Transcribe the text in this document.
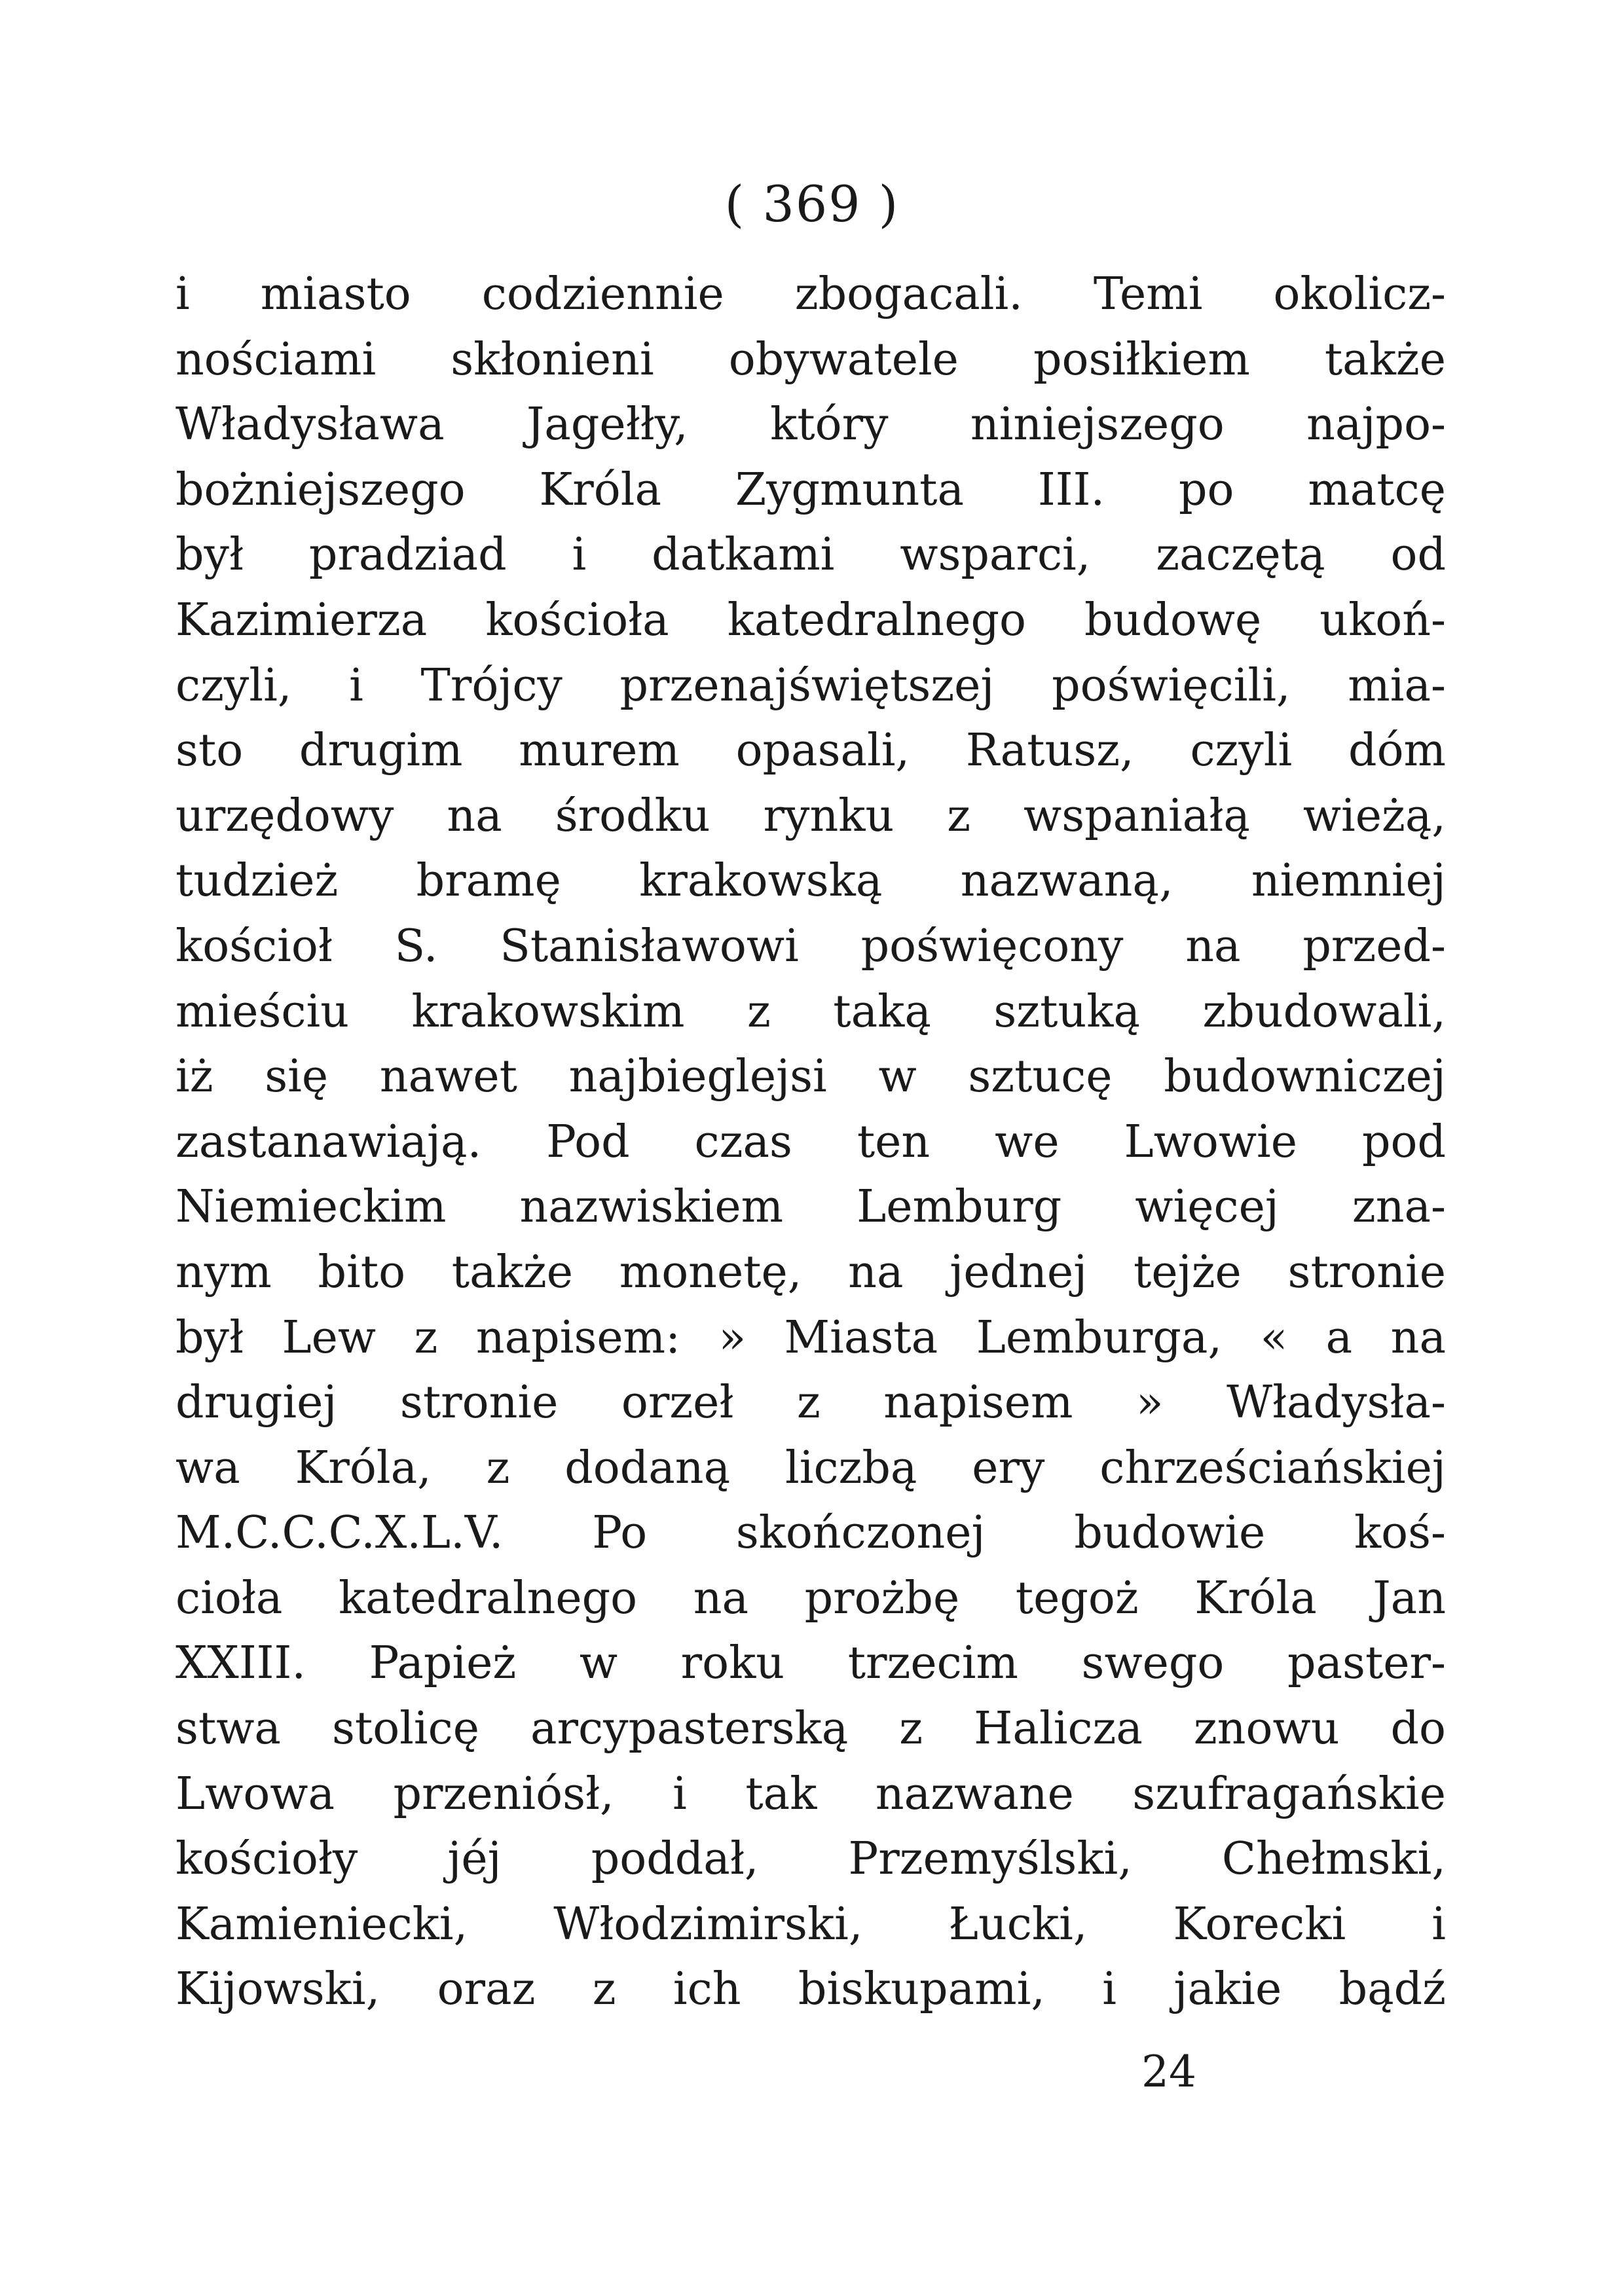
( 369 )
i miasto codziennie zbogacali. Temi okolicz-
nościami skłonieni obywatele posiłkiem także
Władysława Jagełły, który niniejszego najpo-
bożniejszego Króla Zygmunta III. po matcę
był pradziad i datkami wsparci, zaczętą od
Kazimierza kościoła katedralnego budowę ukoń-
czyli, i Trójcy przenajświętszej poświęcili, mia-
sto drugim murem opasali, Ratusz, czyli dóm
urzędowy na środku rynku z wspaniałą wieżą,
tudzież bramę krakowską nazwaną, niemniej
kościoł S. Stanisławowi poświęcony na przed-
mieściu krakowskim z taką sztuką zbudowali,
iż się nawet najbieglejsi w sztucę budowniczej
zastanawiają. Pod czas ten we Lwowie pod
Niemieckim nazwiskiem Lemburg więcej zna-
nym bito także monetę, na jednej tejże stronie
był Lew z napisem: » Miasta Lemburga, « a na
drugiej stronie orzeł z napisem » Władysła-
wa Króla, z dodaną liczbą ery chrześciańskiej
M.C.C.C.X.L.V. Po skończonej budowie koś-
cioła katedralnego na prożbę tegoż Króla Jan
XXIII. Papież w roku trzecim swego paster-
stwa stolicę arcypasterską z Halicza znowu do
Lwowa przeniósł, i tak nazwane szufragańskie
kościoły jéj poddał, Przemyślski, Chełmski,
Kamieniecki, Włodzimirski, Łucki, Korecki i
Kijowski, oraz z ich biskupami, i jakie bądź
24
